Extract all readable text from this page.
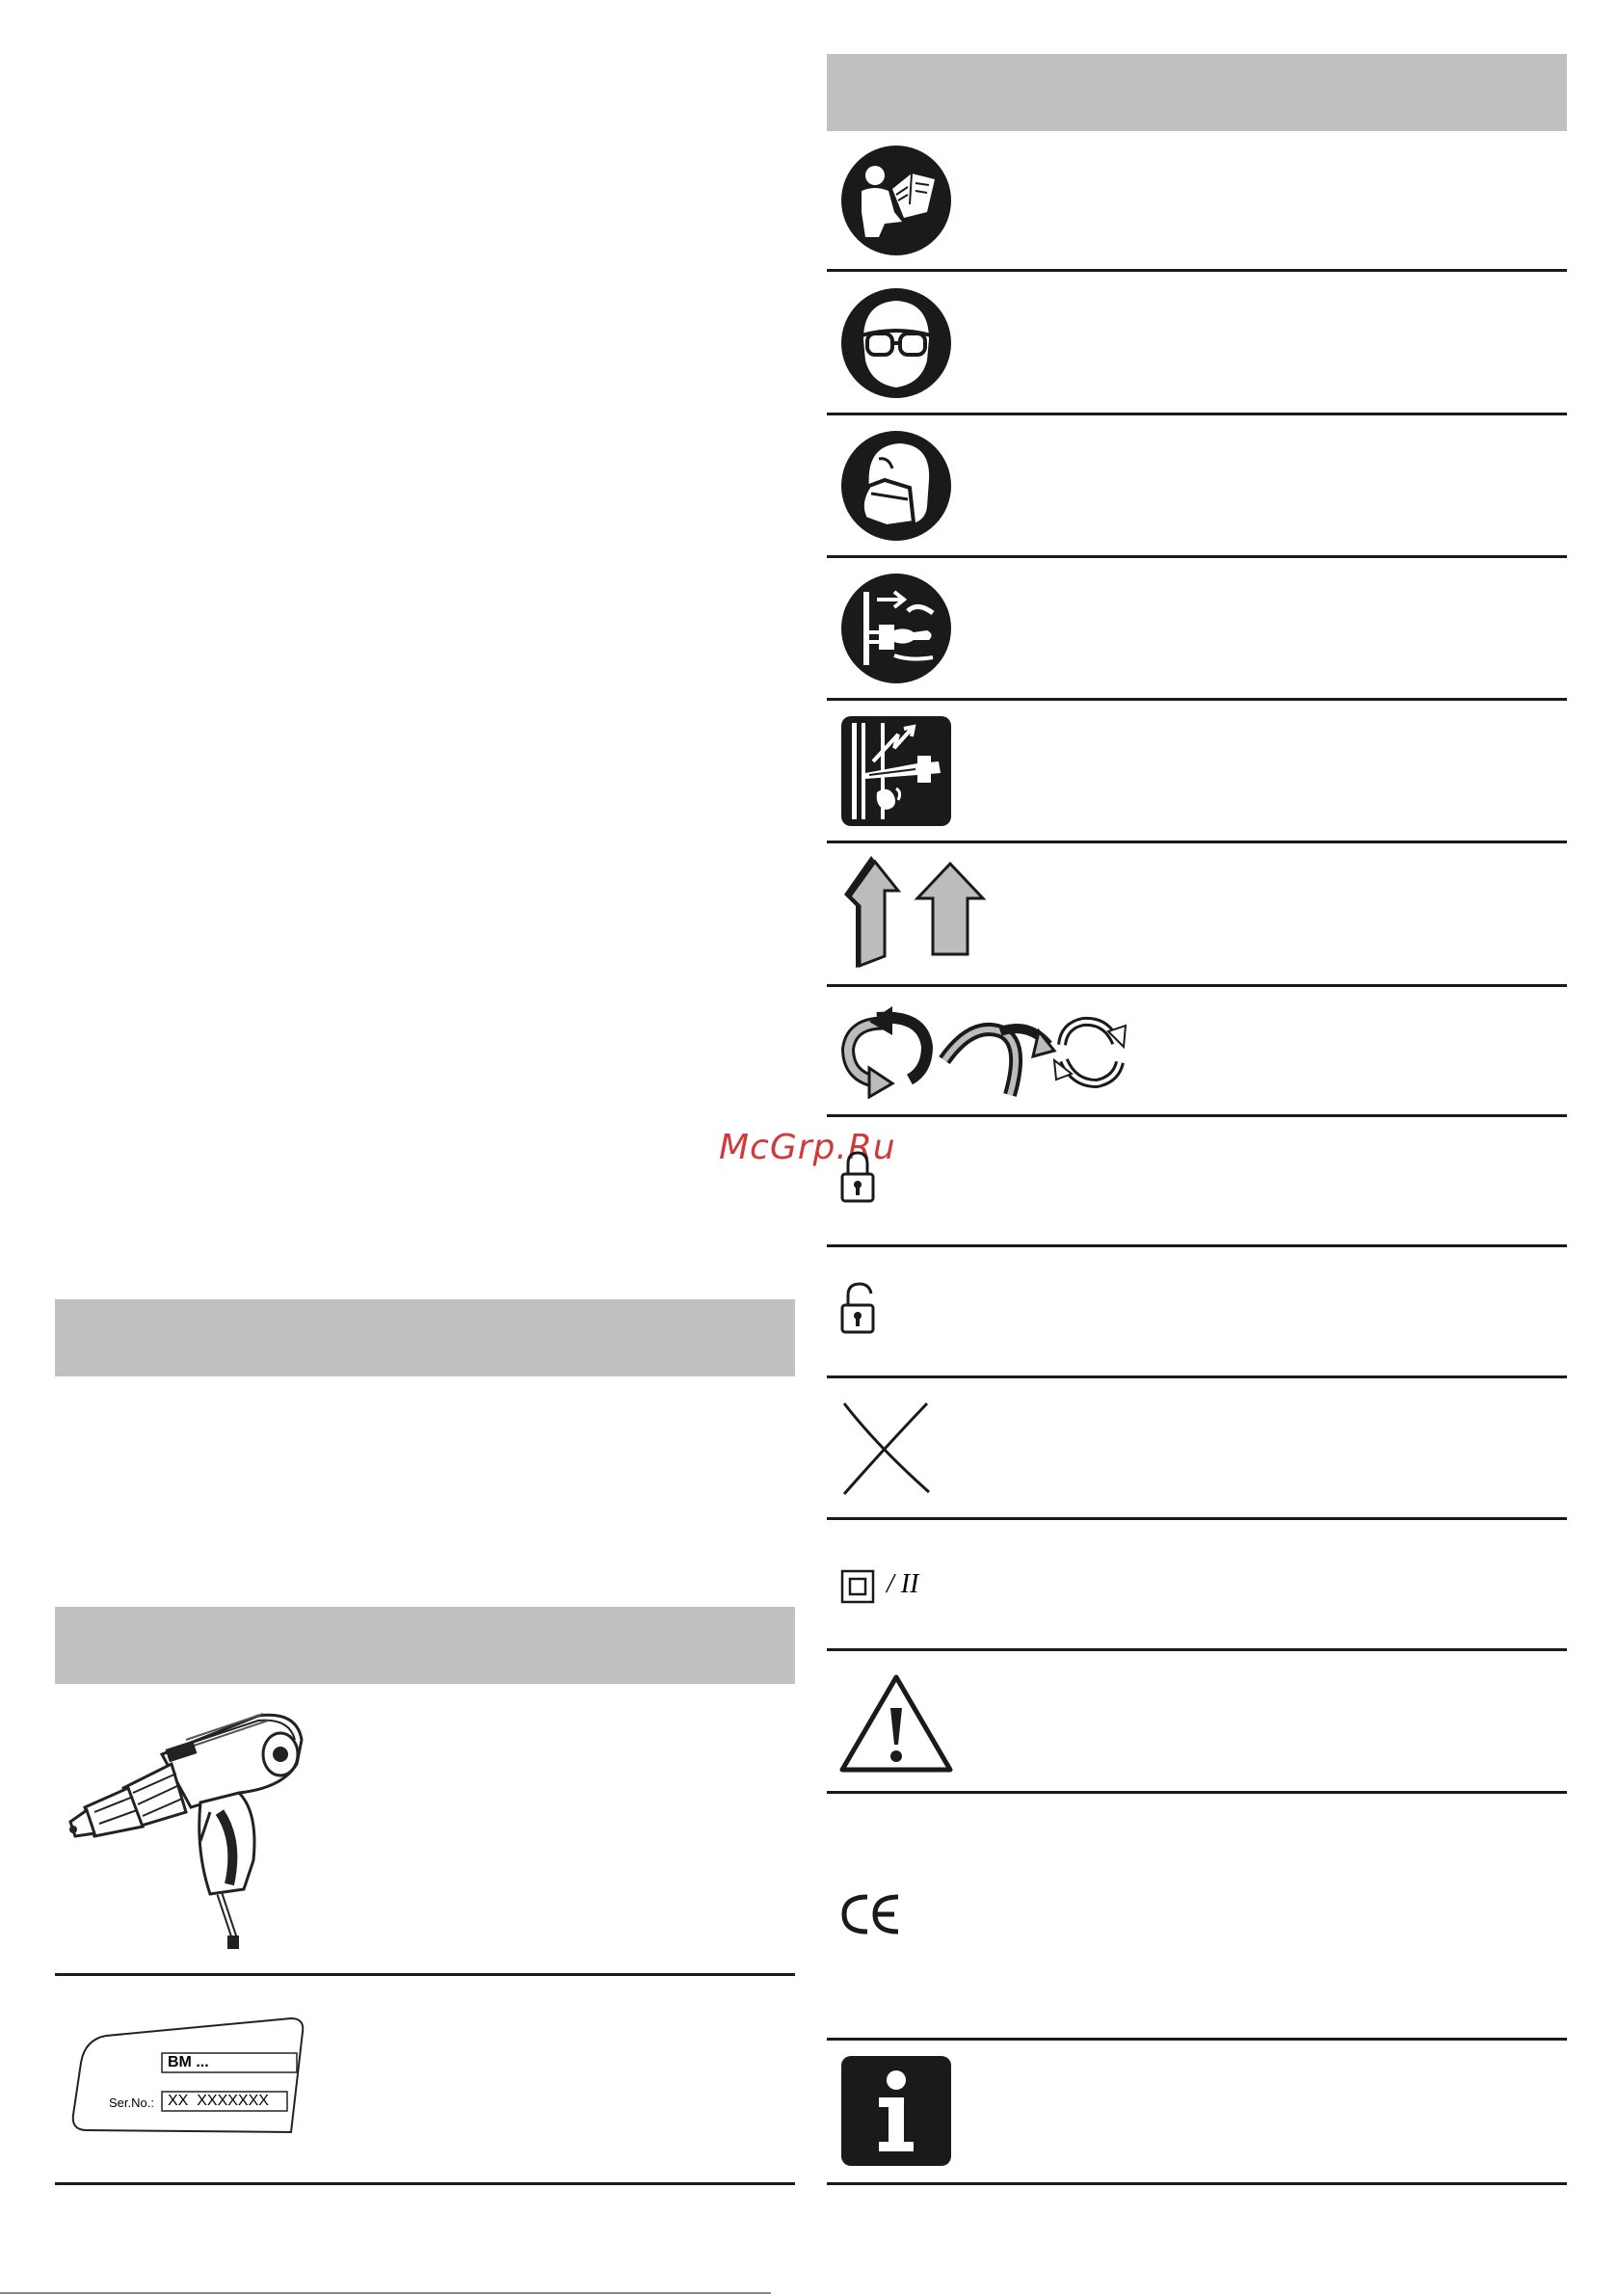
BM ...
Ser.No.: XX  XXXXXXX
McGrp.Ru
/ II
